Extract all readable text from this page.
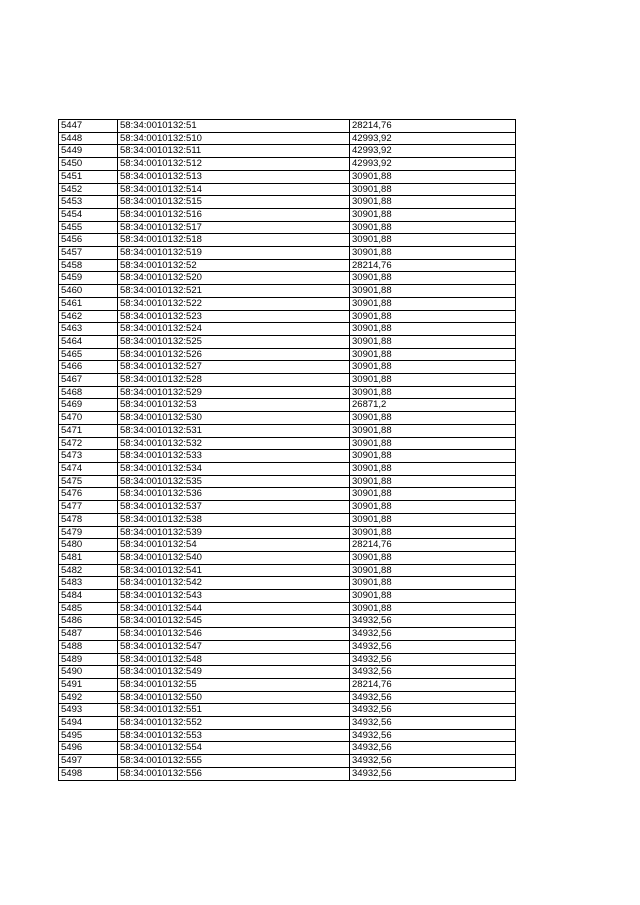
5447	58:34:0010132:51	28214,76
5448	58:34:0010132:510	42993,92
5449	58:34:0010132:511	42993,92
5450	58:34:0010132:512	42993,92
5451	58:34:0010132:513	30901,88
5452	58:34:0010132:514	30901,88
5453	58:34:0010132:515	30901,88
5454	58:34:0010132:516	30901,88
5455	58:34:0010132:517	30901,88
5456	58:34:0010132:518	30901,88
5457	58:34:0010132:519	30901,88
5458	58:34:0010132:52	28214,76
5459	58:34:0010132:520	30901,88
5460	58:34:0010132:521	30901,88
5461	58:34:0010132:522	30901,88
5462	58:34:0010132:523	30901,88
5463	58:34:0010132:524	30901,88
5464	58:34:0010132:525	30901,88
5465	58:34:0010132:526	30901,88
5466	58:34:0010132:527	30901,88
5467	58:34:0010132:528	30901,88
5468	58:34:0010132:529	30901,88
5469	58:34:0010132:53	26871,2
5470	58:34:0010132:530	30901,88
5471	58:34:0010132:531	30901,88
5472	58:34:0010132:532	30901,88
5473	58:34:0010132:533	30901,88
5474	58:34:0010132:534	30901,88
5475	58:34:0010132:535	30901,88
5476	58:34:0010132:536	30901,88
5477	58:34:0010132:537	30901,88
5478	58:34:0010132:538	30901,88
5479	58:34:0010132:539	30901,88
5480	58:34:0010132:54	28214,76
5481	58:34:0010132:540	30901,88
5482	58:34:0010132:541	30901,88
5483	58:34:0010132:542	30901,88
5484	58:34:0010132:543	30901,88
5485	58:34:0010132:544	30901,88
5486	58:34:0010132:545	34932,56
5487	58:34:0010132:546	34932,56
5488	58:34:0010132:547	34932,56
5489	58:34:0010132:548	34932,56
5490	58:34:0010132:549	34932,56
5491	58:34:0010132:55	28214,76
5492	58:34:0010132:550	34932,56
5493	58:34:0010132:551	34932,56
5494	58:34:0010132:552	34932,56
5495	58:34:0010132:553	34932,56
5496	58:34:0010132:554	34932,56
5497	58:34:0010132:555	34932,56
5498	58:34:0010132:556	34932,56
